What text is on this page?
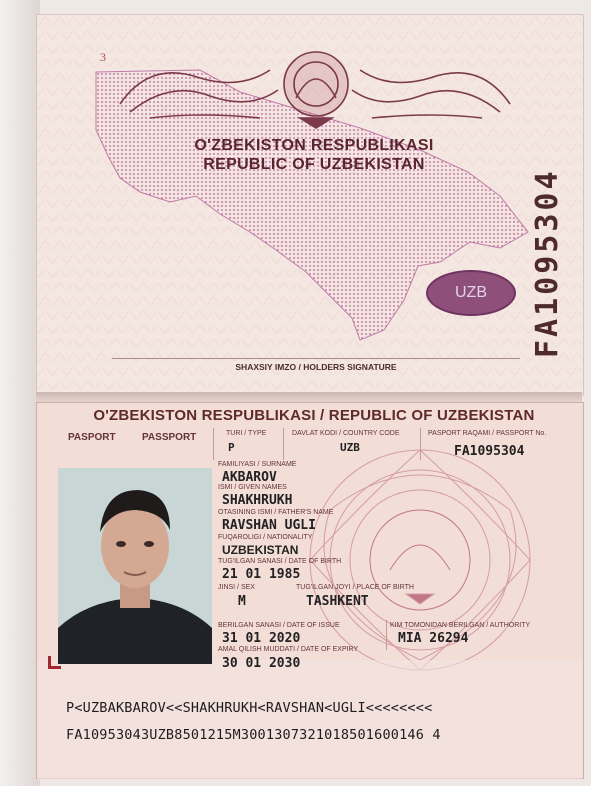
3
O'ZBEKISTON RESPUBLIKASI
REPUBLIC OF UZBEKISTAN
UZB	FA1095304
SHAXSIY IMZO / HOLDERS SIGNATURE
O'ZBEKISTON RESPUBLIKASI / REPUBLIC OF UZBEKISTAN
PASPORT	PASSPORT	TURI / TYPE
P
DAVLAT KODI / COUNTRY CODE
UZB
PASPORT RAQAMI / PASSPORT No.
FA1095304
FAMILIYASI / SURNAME
AKBAROV
ISMI / GIVEN NAMES
SHAKHRUKH
OTASINING ISMI / FATHER'S NAME
RAVSHAN UGLI
FUQAROLIGI / NATIONALITY
UZBEKISTAN
TUG'ILGAN SANASI / DATE OF BIRTH
21 01 1985
JINSI / SEX
M
TUG'ILGAN JOYI / PLACE OF BIRTH
TASHKENT
BERILGAN SANASI / DATE OF ISSUE
31 01 2020
KIM TOMONIDAN BERILGAN / AUTHORITY
MIA 26294
AMAL QILISH MUDDATI / DATE OF EXPIRY
30 01 2030
P<UZBAKBAROV<<SHAKHRUKH<RAVSHAN<UGLI<<<<<<<<
FA10953043UZB8501215M3001307321018501600146 4
